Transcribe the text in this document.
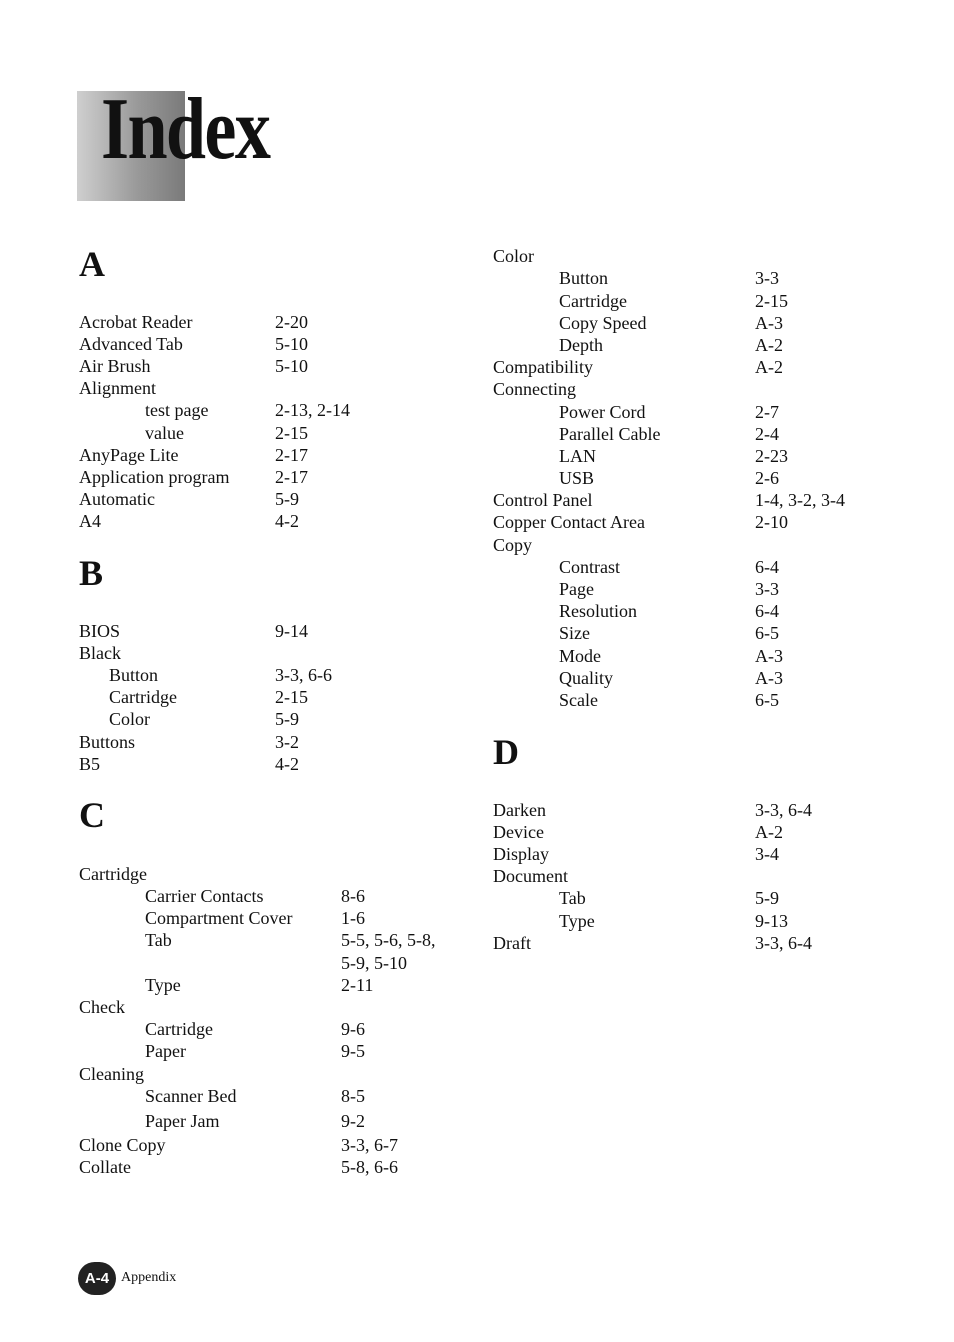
Index
A
Acrobat Reader	2-20
Advanced Tab	5-10
Air Brush	5-10
Alignment
test page	2-13, 2-14
value	2-15
AnyPage Lite	2-17
Application program	2-17
Automatic	5-9
A4	4-2
B
BIOS	9-14
Black
Button	3-3, 6-6
Cartridge	2-15
Color	5-9
Buttons	3-2
B5	4-2
C
Cartridge
Carrier Contacts	8-6
Compartment Cover	1-6
Tab	5-5, 5-6, 5-8,
5-9, 5-10
Type	2-11
Check
Cartridge	9-6
Paper	9-5
Cleaning
Scanner Bed	8-5
Paper Jam	9-2
Clone Copy	3-3, 6-7
Collate	5-8, 6-6
Color
Button	3-3
Cartridge	2-15
Copy Speed	A-3
Depth	A-2
Compatibility	A-2
Connecting
Power Cord	2-7
Parallel Cable	2-4
LAN	2-23
USB	2-6
Control Panel	1-4, 3-2, 3-4
Copper Contact Area	2-10
Copy
Contrast	6-4
Page	3-3
Resolution	6-4
Size	6-5
Mode	A-3
Quality	A-3
Scale	6-5
D
Darken	3-3, 6-4
Device	A-2
Display	3-4
Document
Tab	5-9
Type	9-13
Draft	3-3, 6-4
A-4 Appendix
